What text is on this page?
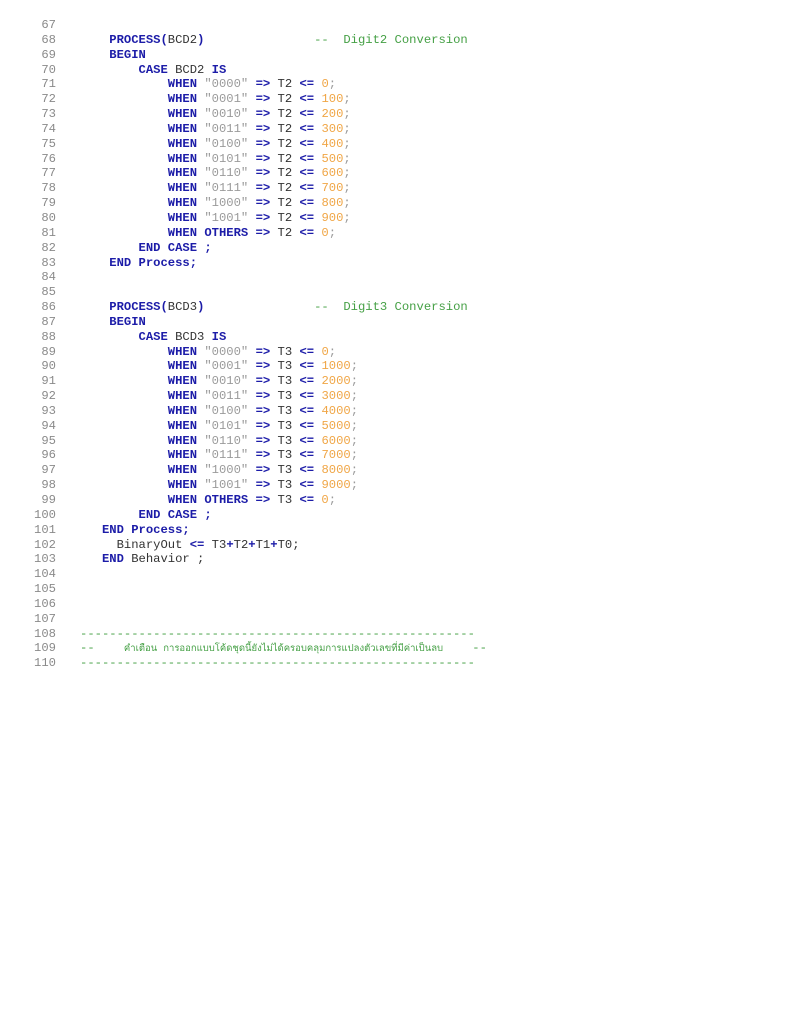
67
68	PROCESS(BCD2)	--  Digit2 Conversion
69	BEGIN
70	CASE BCD2 IS
71	WHEN "0000" => T2 <= 0;
72	WHEN "0001" => T2 <= 100;
73	WHEN "0010" => T2 <= 200;
74	WHEN "0011" => T2 <= 300;
75	WHEN "0100" => T2 <= 400;
76	WHEN "0101" => T2 <= 500;
77	WHEN "0110" => T2 <= 600;
78	WHEN "0111" => T2 <= 700;
79	WHEN "1000" => T2 <= 800;
80	WHEN "1001" => T2 <= 900;
81	WHEN OTHERS => T2 <= 0;
82	END CASE ;
83	END Process;
84
85
86	PROCESS(BCD3)	--  Digit3 Conversion
87	BEGIN
88	CASE BCD3 IS
89	WHEN "0000" => T3 <= 0;
90	WHEN "0001" => T3 <= 1000;
91	WHEN "0010" => T3 <= 2000;
92	WHEN "0011" => T3 <= 3000;
93	WHEN "0100" => T3 <= 4000;
94	WHEN "0101" => T3 <= 5000;
95	WHEN "0110" => T3 <= 6000;
96	WHEN "0111" => T3 <= 7000;
97	WHEN "1000" => T3 <= 8000;
98	WHEN "1001" => T3 <= 9000;
99	WHEN OTHERS => T3 <= 0;
100	END CASE ;
101	END Process;
102	BinaryOut <= T3+T2+T1+T0;
103	END Behavior ;
104
105
106
107
108 ------------------------------------------------------
109 --    คำเตือน  การออกแบบโค้ดชุดนี้ยังไม่ได้ครอบคลุมการแปลงตัวเลขที่มีค่าเป็นลบ    --
110 ------------------------------------------------------
